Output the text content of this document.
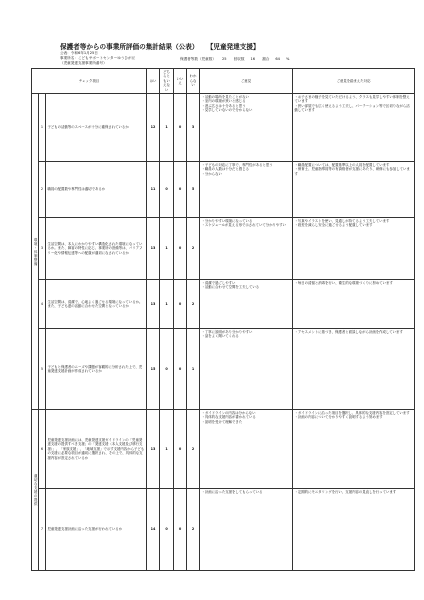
保護者等からの事業所評価の集計結果（公表） 【児童発達支援】
公表：令和6年1月25日
事業所名：こどもサポートセンターゆうひが丘
（児童発達支援事業所番号）
保護者等数（児童数） 25 回収数 16 割合 64 %
チェック項目			はい	どちらともいえない	いいえ	わからない	ご意見	ご意見を踏まえた対応
環境・体制整備	1	子どもの活動等のスペースが十分に確保されているか	12	1	0	3	・活動の場所を見たことがない
・室内の環境が狭いと感じる
・遊ぶ広さは十分あると思う
・見学していないので分からない	・お子さまの様子を見ていただけるよう、クラスも見学しやすい体制を整えています
・狭い部屋でも広く使えるよう工夫し、パーテーション等で区切りながら活動しています
	2	職員の配置数や専門性は適切であるか	11	0	0	5	・子どもの対応に丁寧で、専門性があると思う
・職員の人数は十分だと感じる
・分からない	・職員配置については、配置基準以上の人員を配置しています
・保育士、児童指導員等の有資格者が支援にあたり、研修にも参加しています
	3	生活空間は、本人にわかりやすい構造化された環境になっているか。また、障害の特性に応じ、事業所の設備等は、バリアフリー化や情報伝達等への配慮が適切になされているか	13	1	0	2	・分かりやすい環境になっている
・スケジュールが見える形で示されていて分かりやすい	・写真やイラストを使い、見通しが持てるよう工夫しています
・段差を減らし安全に過ごせるよう配慮しています
	4	生活空間は、清潔で、心地よく過ごせる環境になっているか。また、子ども達の活動に合わせた空間となっているか	13	1	0	2	・清潔で過ごしやすい
・活動に合わせて空間を工夫している	・毎日の清掃と消毒を行い、衛生的な環境づくりに努めています
	5	子どもと保護者のニーズや課題が客観的に分析された上で、児童発達支援計画が作成されているか	15	0	0	1	・丁寧に説明があり分かりやすい
・話をよく聞いてくれる	・アセスメントに基づき、保護者と面談しながら計画を作成しています
適切な支援の提供	6	児童発達支援計画には、児童発達支援ガイドラインの「児童発達支援の提供すべき支援」の「発達支援（本人支援及び移行支援）」、「家族支援」、「地域支援」で示す支援内容から子どもの支援に必要な項目が適切に選択され、その上で、具体的な支援内容が設定されているか	13	1	0	2	・ガイドラインの内容は分からない
・具体的な支援内容が書かれている
・説明を受けて理解できた	・ガイドラインに沿った項目を選択し、具体的な支援内容を設定しています
・計画の内容について分かりやすく説明するよう努めます
	7	児童発達支援計画に沿った支援が行われているか	14	0	0	2	・計画に沿った支援をしてもらっている	・定期的にモニタリングを行い、支援内容の見直しを行っています
